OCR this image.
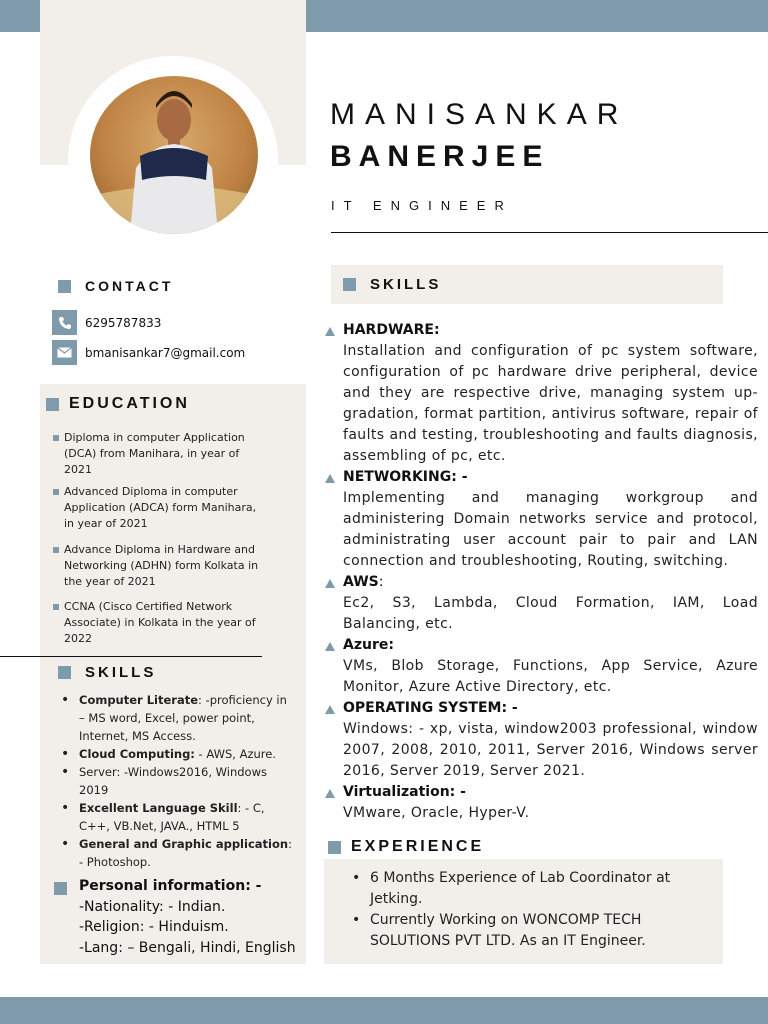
MANISANKAR
BANERJEE
IT ENGINEER
CONTACT
6295787833
bmanisankar7@gmail.com
EDUCATION
Diploma in computer Application (DCA) from Manihara, in year of 2021
Advanced Diploma in computer Application (ADCA) form Manihara, in year of 2021
Advance Diploma in Hardware and Networking (ADHN) form Kolkata in the year of 2021
CCNA (Cisco Certified Network Associate) in Kolkata in the year of 2022
SKILLS
• Computer Literate: -proficiency in – MS word, Excel, power point, Internet, MS Access.
• Cloud Computing: - AWS, Azure.
• Server: -Windows2016, Windows 2019
• Excellent Language Skill: - C, C++, VB.Net, JAVA., HTML 5
• General and Graphic application: - Photoshop.
Personal information: -
-Nationality: - Indian.
-Religion: - Hinduism.
-Lang: – Bengali, Hindi, English
SKILLS
HARDWARE:
Installation and configuration of pc system software, configuration of pc hardware drive peripheral, device and they are respective drive, managing system up-gradation, format partition, antivirus software, repair of faults and testing, troubleshooting and faults diagnosis, assembling of pc, etc.
NETWORKING: -
Implementing and managing workgroup and administering Domain networks service and protocol, administrating user account pair to pair and LAN connection and troubleshooting, Routing, switching.
AWS:
Ec2, S3, Lambda, Cloud Formation, IAM, Load Balancing, etc.
Azure:
VMs, Blob Storage, Functions, App Service, Azure Monitor, Azure Active Directory, etc.
OPERATING SYSTEM: -
Windows: - xp, vista, window2003 professional, window 2007, 2008, 2010, 2011, Server 2016, Windows server 2016, Server 2019, Server 2021.
Virtualization: -
VMware, Oracle, Hyper-V.
EXPERIENCE
• 6 Months Experience of Lab Coordinator at Jetking.
• Currently Working on WONCOMP TECH SOLUTIONS PVT LTD. As an IT Engineer.
